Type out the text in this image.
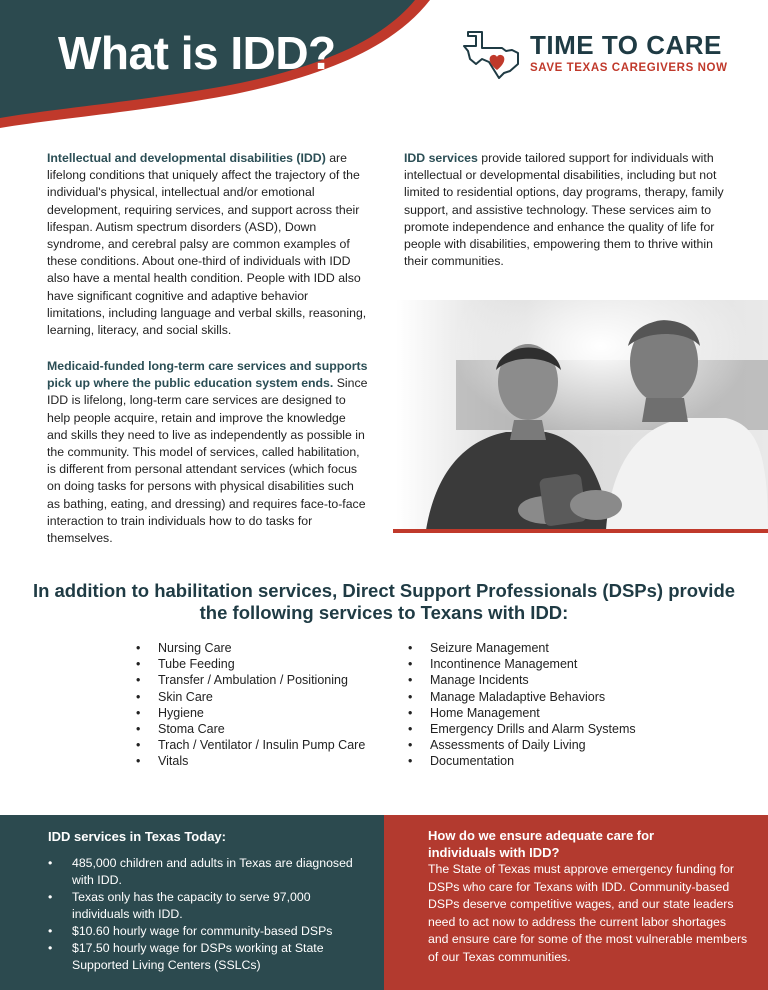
What is IDD?	TIME TO CARE
SAVE TEXAS CAREGIVERS NOW

Intellectual and developmental disabilities (IDD) are lifelong conditions that uniquely affect the trajectory of the individual's physical, intellectual and/or emotional development, requiring services, and support across their lifespan. Autism spectrum disorders (ASD), Down syndrome, and cerebral palsy are common examples of these conditions. About one-third of individuals with IDD also have a mental health condition. People with IDD also have significant cognitive and adaptive behavior limitations, including language and verbal skills, reasoning, learning, literacy, and social skills.

IDD services provide tailored support for individuals with intellectual or developmental disabilities, including but not limited to residential options, day programs, therapy, family support, and assistive technology. These services aim to promote independence and enhance the quality of life for people with disabilities, empowering them to thrive within their communities.

Medicaid-funded long-term care services and supports pick up where the public education system ends. Since IDD is lifelong, long-term care services are designed to help people acquire, retain and improve the knowledge and skills they need to live as independently as possible in the community. This model of services, called habilitation, is different from personal attendant services (which focus on doing tasks for persons with physical disabilities such as bathing, eating, and dressing) and requires face-to-face interaction to train individuals how to do tasks for themselves.

In addition to habilitation services, Direct Support Professionals (DSPs) provide the following services to Texans with IDD:
• Nursing Care
• Tube Feeding
• Transfer / Ambulation / Positioning
• Skin Care
• Hygiene
• Stoma Care
• Trach / Ventilator / Insulin Pump Care
• Vitals
• Seizure Management
• Incontinence Management
• Manage Incidents
• Manage Maladaptive Behaviors
• Home Management
• Emergency Drills and Alarm Systems
• Assessments of Daily Living
• Documentation
IDD services in Texas Today:
• 485,000 children and adults in Texas are diagnosed with IDD.
• Texas only has the capacity to serve 97,000 individuals with IDD.
• $10.60 hourly wage for community-based DSPs
• $17.50 hourly wage for DSPs working at State Supported Living Centers (SSLCs)
How do we ensure adequate care for individuals with IDD?

The State of Texas must approve emergency funding for DSPs who care for Texans with IDD. Community-based DSPs deserve competitive wages, and our state leaders need to act now to address the current labor shortages and ensure care for some of the most vulnerable members of our Texas communities.
